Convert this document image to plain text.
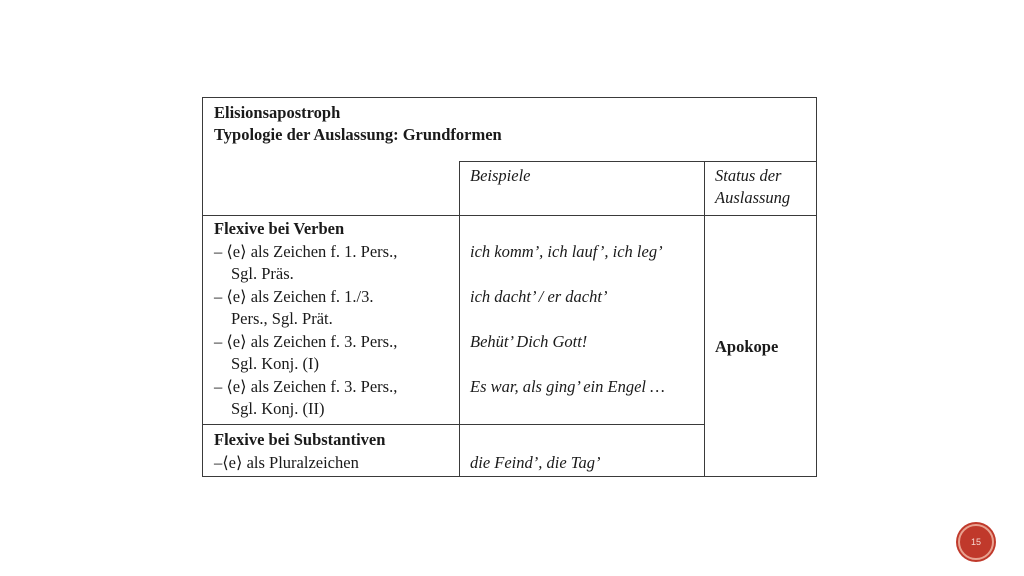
Elisionsapostroph
Typologie der Auslassung: Grundformen
Beispiele	Status der
Auslassung
Flexive bei Verben
– ⟨e⟩ als Zeichen f. 1. Pers.,
Sgl. Präs.
– ⟨e⟩ als Zeichen f. 1./3.
Pers., Sgl. Prät.
– ⟨e⟩ als Zeichen f. 3. Pers.,
Sgl. Konj. (I)
– ⟨e⟩ als Zeichen f. 3. Pers.,
Sgl. Konj. (II)
ich komm’, ich lauf’, ich leg’
ich dacht’ / er dacht’
Behüt’ Dich Gott!
Es war, als ging’ ein Engel …
Apokope
Flexive bei Substantiven
–⟨e⟩ als Pluralzeichen	die Feind’, die Tag’
15
